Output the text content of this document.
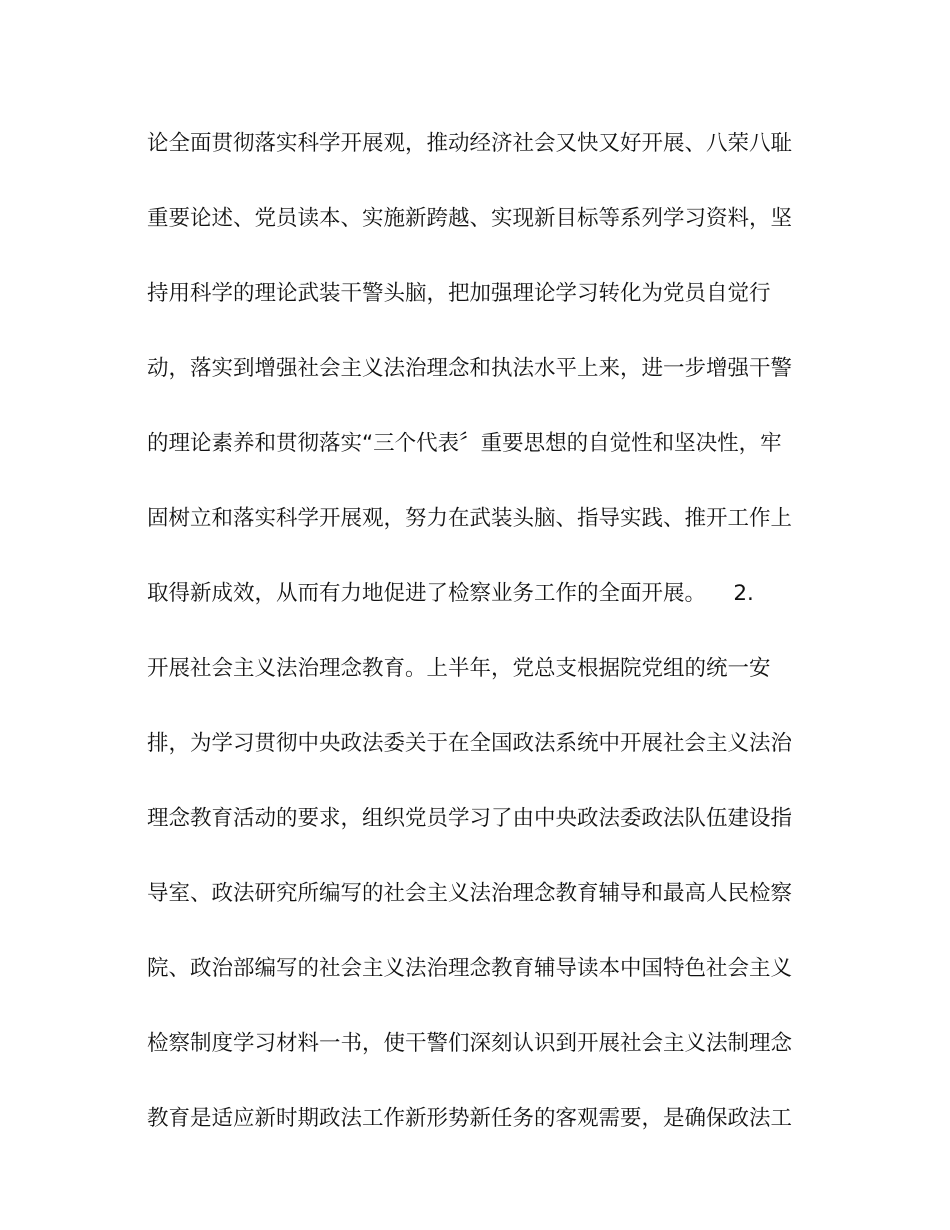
论全面贯彻落实科学开展观，推动经济社会又快又好开展、八荣八耻
重要论述、党员读本、实施新跨越、实现新目标等系列学习资料，坚
持用科学的理论武装干警头脑，把加强理论学习转化为党员自觉行
动，落实到增强社会主义法治理念和执法水平上来，进一步增强干警
的理论素养和贯彻落实“三个代表〞重要思想的自觉性和坚决性，牢
固树立和落实科学开展观，努力在武装头脑、指导实践、推开工作上
取得新成效，从而有力地促进了检察业务工作的全面开展。    2.
开展社会主义法治理念教育。上半年，党总支根据院党组的统一安
排，为学习贯彻中央政法委关于在全国政法系统中开展社会主义法治
理念教育活动的要求，组织党员学习了由中央政法委政法队伍建设指
导室、政法研究所编写的社会主义法治理念教育辅导和最高人民检察
院、政治部编写的社会主义法治理念教育辅导读本中国特色社会主义
检察制度学习材料一书，使干警们深刻认识到开展社会主义法制理念
教育是适应新时期政法工作新形势新任务的客观需要，是确保政法工
